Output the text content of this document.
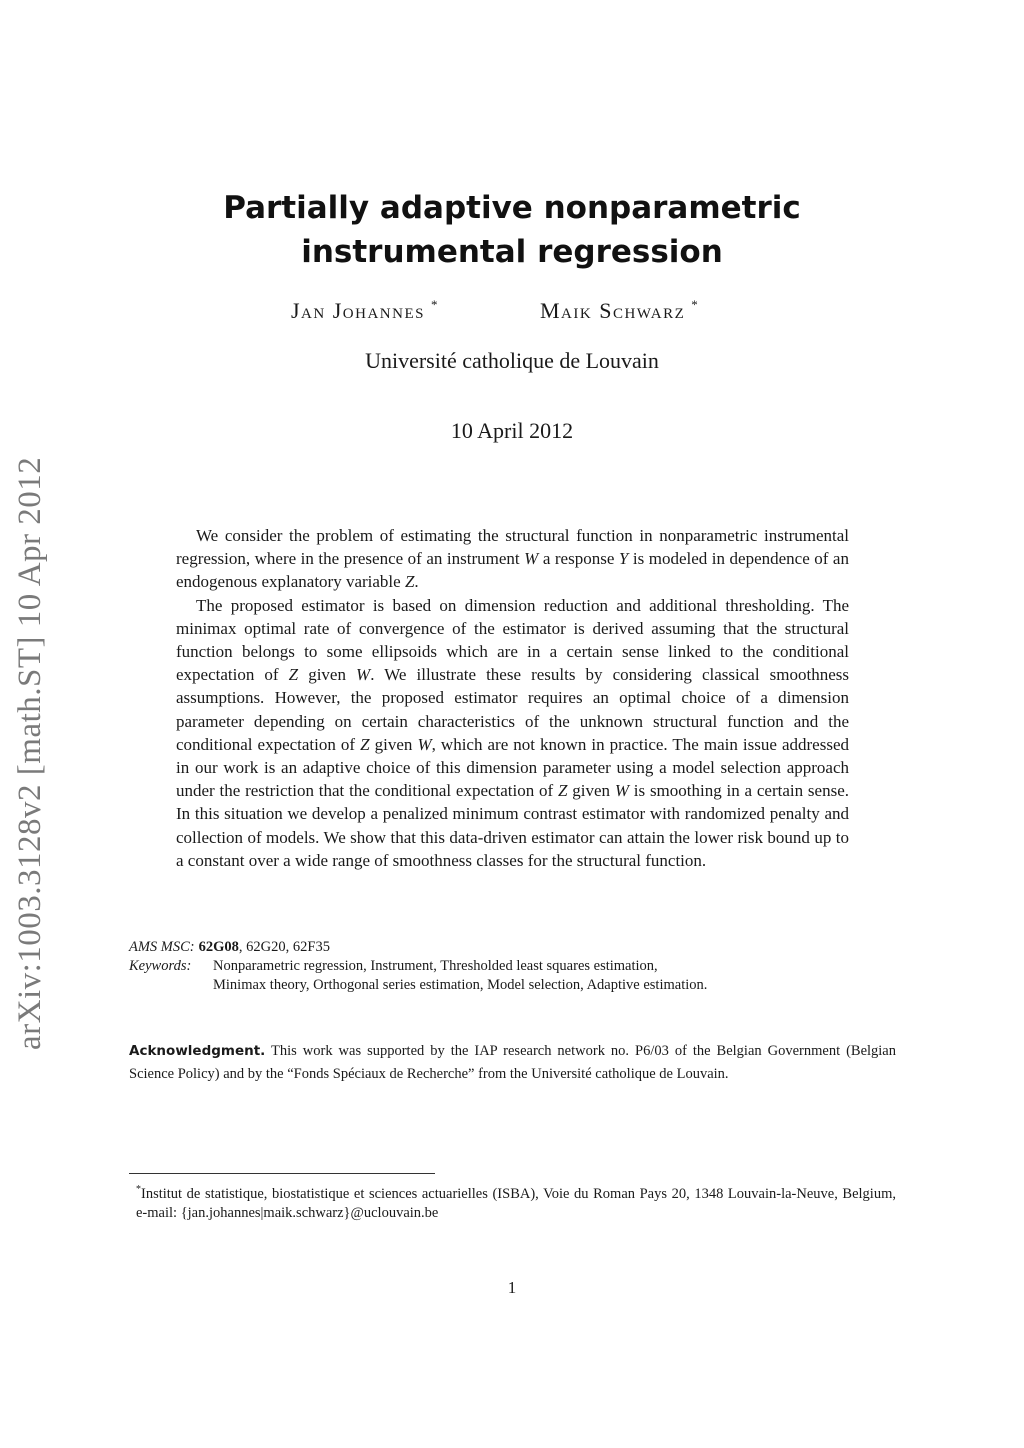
arXiv:1003.3128v2 [math.ST] 10 Apr 2012
Partially adaptive nonparametric
instrumental regression
Jan Johannes *	Maik Schwarz *
Université catholique de Louvain
10 April 2012

We consider the problem of estimating the structural function in nonparametric instrumental regression, where in the presence of an instrument W a response Y is modeled in dependence of an endogenous explanatory variable Z.

The proposed estimator is based on dimension reduction and additional thresholding. The minimax optimal rate of convergence of the estimator is derived assuming that the structural function belongs to some ellipsoids which are in a certain sense linked to the conditional expectation of Z given W. We illustrate these results by considering classical smoothness assumptions. However, the proposed estimator requires an optimal choice of a dimension parameter depending on certain characteristics of the unknown structural function and the conditional expectation of Z given W, which are not known in practice. The main issue addressed in our work is an adaptive choice of this dimension parameter using a model selection approach under the restriction that the conditional expectation of Z given W is smoothing in a certain sense. In this situation we develop a penalized minimum contrast estimator with randomized penalty and collection of models. We show that this data-driven estimator can attain the lower risk bound up to a constant over a wide range of smoothness classes for the structural function.

AMS MSC: 62G08, 62G20, 62F35
Keywords:	Nonparametric regression, Instrument, Thresholded least squares estimation,
Minimax theory, Orthogonal series estimation, Model selection, Adaptive estimation.
Acknowledgment. This work was supported by the IAP research network no. P6/03 of the Belgian Government (Belgian Science Policy) and by the “Fonds Spéciaux de Recherche” from the Université catholique de Louvain.
*Institut de statistique, biostatistique et sciences actuarielles (ISBA), Voie du Roman Pays 20, 1348 Louvain-la-Neuve, Belgium, e-mail: {jan.johannes|maik.schwarz}@uclouvain.be
1
